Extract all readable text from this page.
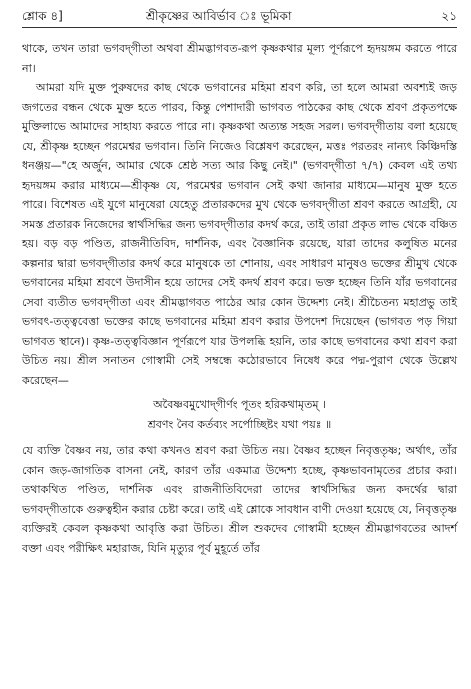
শ্লোক ৪]	শ্রীকৃষ্ণের আবির্ভাব ঃ ভূমিকা	২১

থাকে, তখন তারা ভগবদ্‌গীতা অথবা শ্রীমদ্ভাগবত-রূপ কৃষ্ণকথার মূল্য পূর্ণরূপে হৃদয়ঙ্গম করতে পারে না।

আমরা যদি মুক্ত পুরুষদের কাছ থেকে ভগবানের মহিমা শ্রবণ করি, তা হলে আমরা অবশ্যই জড় জগতের বন্ধন থেকে মুক্ত হতে পারব, কিন্তু পেশাদারী ভাগবত পাঠকের কাছ থেকে শ্রবণ প্রকৃতপক্ষে মুক্তিলাভে আমাদের সাহায্য করতে পারে না। কৃষ্ণকথা অত্যন্ত সহজ সরল। ভগবদ্‌গীতায় বলা হয়েছে যে, শ্রীকৃষ্ণ হচ্ছেন পরমেশ্বর ভগবান। তিনি নিজেও বিশ্লেষণ করেছেন, মত্তঃ পরতরং নান্যৎ কিঞ্চিদস্তি ধনঞ্জয়—"হে অর্জুন, আমার থেকে শ্রেষ্ঠ সত্য আর কিছু নেই।" (ভগবদ্‌গীতা ৭/৭) কেবল এই তথ্য হৃদয়ঙ্গম করার মাধ্যমে—শ্রীকৃষ্ণ যে, পরমেশ্বর ভগবান সেই কথা জানার মাধ্যমে—মানুষ মুক্ত হতে পারে। বিশেষত এই যুগে মানুষেরা যেহেতু প্রতারকদের মুখ থেকে ভগবদ্‌গীতা শ্রবণ করতে আগ্রহী, যে সমস্ত প্রতারক নিজেদের স্বার্থসিদ্ধির জন্য ভগবদ্‌গীতার কদর্থ করে, তাই তারা প্রকৃত লাভ থেকে বঞ্চিত হয়। বড় বড় পণ্ডিত, রাজনীতিবিদ, দার্শনিক, এবং বৈজ্ঞানিক রয়েছে, যারা তাদের কলুষিত মনের কল্পনার দ্বারা ভগবদ্‌গীতার কদর্থ করে মানুষকে তা শোনায়, এবং সাধারণ মানুষও ভক্তের শ্রীমুখ থেকে ভগবানের মহিমা শ্রবণে উদাসীন হয়ে তাদের সেই কদর্থ শ্রবণ করে। ভক্ত হচ্ছেন তিনি যাঁর ভগবানের সেবা ব্যতীত ভগবদ্‌গীতা এবং শ্রীমদ্ভাগবত পাঠের আর কোন উদ্দেশ্য নেই। শ্রীচৈতন্য মহাপ্রভু তাই ভগবৎ-তত্ত্ববেত্তা ভক্তের কাছে ভগবানের মহিমা শ্রবণ করার উপদেশ দিয়েছেন (ভাগবত পড় গিয়া ভাগবত স্থানে)। কৃষ্ণ-তত্ত্ববিজ্ঞান পূর্ণরূপে যার উপলব্ধি হয়নি, তার কাছে ভগবানের কথা শ্রবণ করা উচিত নয়। শ্রীল সনাতন গোস্বামী সেই সম্বন্ধে কঠোরভাবে নিষেধ করে পদ্ম-পুরাণ থেকে উল্লেখ করেছেন—

অবৈষ্ণবমুখোদ্‌গীর্ণং পূতং হরিকথামৃতম্ ।
শ্রবণং নৈব কর্তব্যং সর্পোচ্ছিষ্টং যথা পয়ঃ ॥

যে ব্যক্তি বৈষ্ণব নয়, তার কথা কখনও শ্রবণ করা উচিত নয়। বৈষ্ণব হচ্ছেন নিবৃত্ততৃষ্ণ; অর্থাৎ, তাঁর কোন জড়-জাগতিক বাসনা নেই, কারণ তাঁর একমাত্র উদ্দেশ্য হচ্ছে, কৃষ্ণভাবনামৃতের প্রচার করা। তথাকথিত পণ্ডিত, দার্শনিক এবং রাজনীতিবিদেরা তাদের স্বার্থসিদ্ধির জন্য কদর্থের দ্বারা ভগবদ্‌গীতাকে গুরুত্বহীন করার চেষ্টা করে। তাই এই শ্লোকে সাবধান বাণী দেওয়া হয়েছে যে, নিবৃত্ততৃষ্ণ ব্যক্তিরই কেবল কৃষ্ণকথা আবৃত্তি করা উচিত। শ্রীল শুকদেব গোস্বামী হচ্ছেন শ্রীমদ্ভাগবতের আদর্শ বক্তা এবং পরীক্ষিৎ মহারাজ, যিনি মৃত্যুর পূর্ব মুহূর্তে তাঁর
